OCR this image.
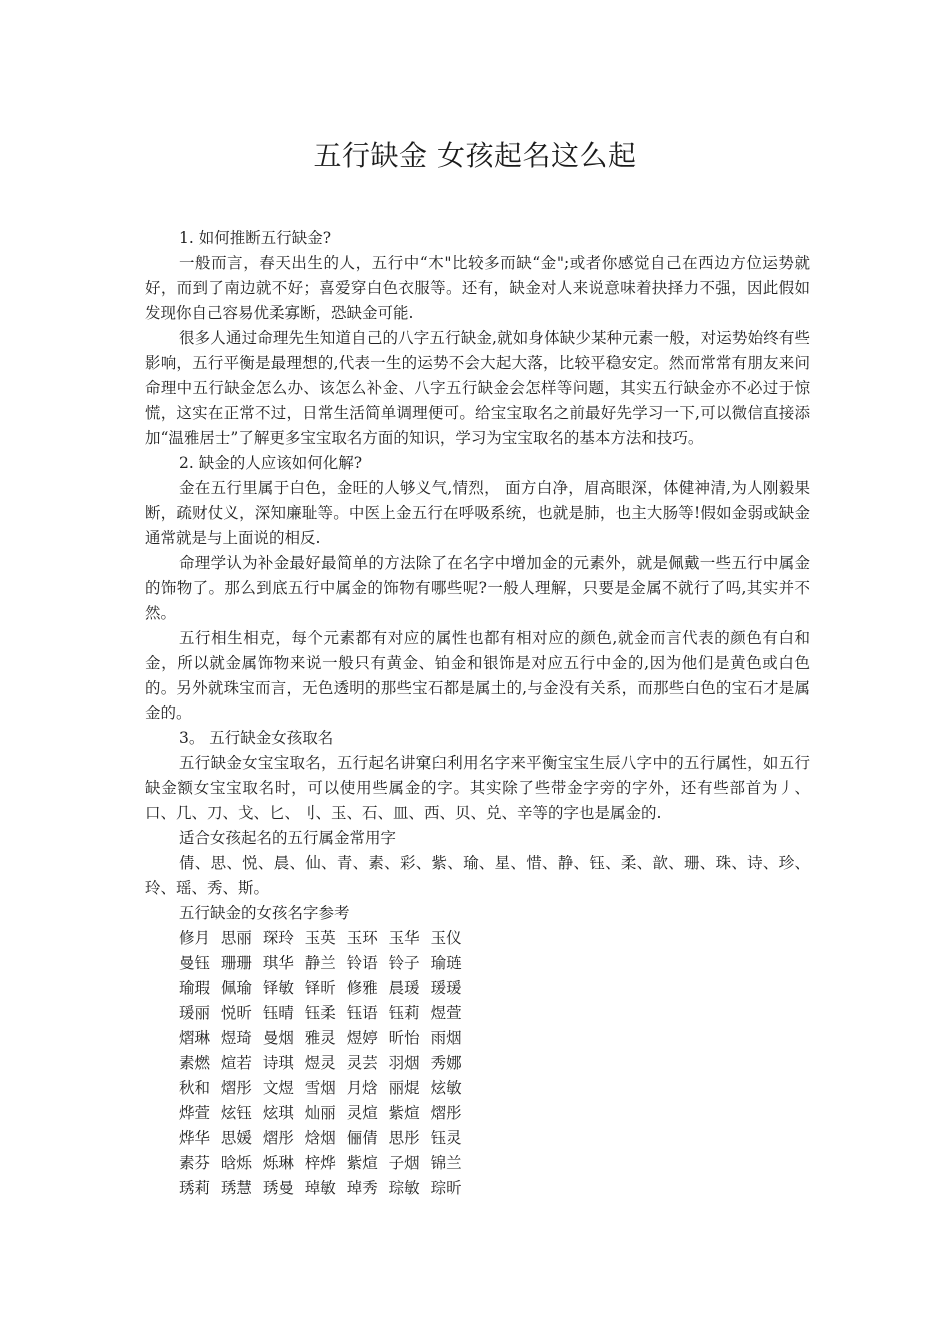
五行缺金 女孩起名这么起

1. 如何推断五行缺金?

一般而言，春天出生的人，五行中“木"比较多而缺“金";或者你感觉自己在西边方位运势就好，而到了南边就不好；喜爱穿白色衣服等。还有，缺金对人来说意味着抉择力不强，因此假如发现你自己容易优柔寡断，恐缺金可能.

很多人通过命理先生知道自己的八字五行缺金,就如身体缺少某种元素一般，对运势始终有些影响，五行平衡是最理想的,代表一生的运势不会大起大落，比较平稳安定。然而常常有朋友来问命理中五行缺金怎么办、该怎么补金、八字五行缺金会怎样等问题，其实五行缺金亦不必过于惊慌，这实在正常不过，日常生活简单调理便可。给宝宝取名之前最好先学习一下,可以微信直接添加“温雅居士”了解更多宝宝取名方面的知识，学习为宝宝取名的基本方法和技巧。

2. 缺金的人应该如何化解?

金在五行里属于白色，金旺的人够义气,情烈， 面方白净，眉高眼深，体健神清,为人刚毅果断，疏财仗义，深知廉耻等。中医上金五行在呼吸系统，也就是肺，也主大肠等!假如金弱或缺金通常就是与上面说的相反.

命理学认为补金最好最简单的方法除了在名字中增加金的元素外，就是佩戴一些五行中属金的饰物了。那么到底五行中属金的饰物有哪些呢?一般人理解，只要是金属不就行了吗,其实并不然。

五行相生相克，每个元素都有对应的属性也都有相对应的颜色,就金而言代表的颜色有白和金，所以就金属饰物来说一般只有黄金、铂金和银饰是对应五行中金的,因为他们是黄色或白色的。另外就珠宝而言，无色透明的那些宝石都是属土的,与金没有关系，而那些白色的宝石才是属金的。

3。 五行缺金女孩取名

五行缺金女宝宝取名，五行起名讲窠臼利用名字来平衡宝宝生辰八字中的五行属性，如五行缺金额女宝宝取名时，可以使用些属金的字。其实除了些带金字旁的字外，还有些部首为丿、口、几、刀、戈、匕、刂、玉、石、皿、西、贝、兑、辛等的字也是属金的.

适合女孩起名的五行属金常用字

倩、思、悦、晨、仙、青、素、彩、紫、瑜、星、惜、静、钰、柔、歆、珊、珠、诗、珍、玲、瑶、秀、斯。

五行缺金的女孩名字参考

修月 思丽 琛玲 玉英 玉环 玉华 玉仪
曼钰 珊珊 琪华 静兰 铃语 铃子 瑜琏
瑜瑕 佩瑜 铎敏 铎昕 修雅 晨瑗 瑗瑗
瑗丽 悦昕 钰晴 钰柔 钰语 钰莉 煜萱
熠琳 煜琦 曼烟 雅灵 煜婷 昕怡 雨烟
素燃 煊若 诗琪 煜灵 灵芸 羽烟 秀娜
秋和 熠彤 文煜 雪烟 月焓 丽焜 炫敏
烨萱 炫钰 炫琪 灿丽 灵煊 紫煊 熠彤
烨华 思媛 熠彤 焓烟 俪倩 思彤 钰灵
素芬 晗烁 烁琳 梓烨 紫煊 子烟 锦兰
琇莉 琇慧 琇曼 琸敏 琸秀 琮敏 琮昕
